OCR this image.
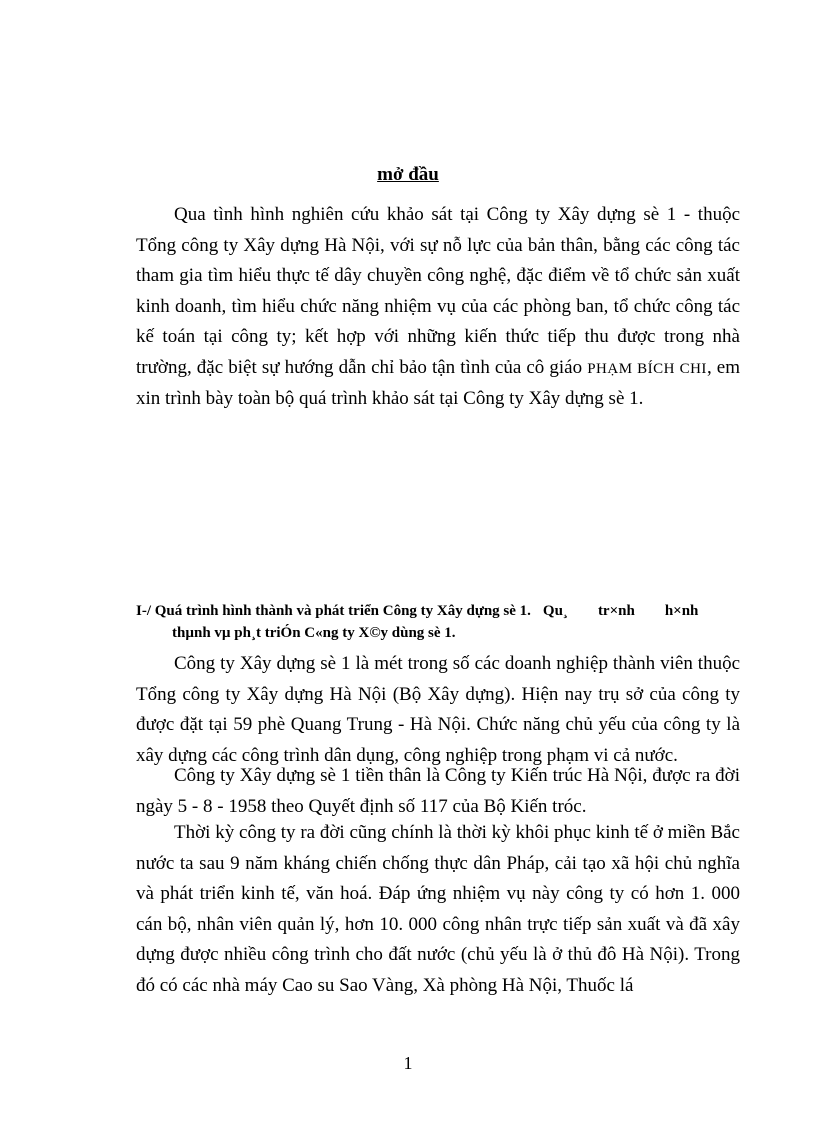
mở đầu

Qua tình hình nghiên cứu khảo sát tại Công ty Xây dựng sè 1 - thuộc Tổng công ty Xây dựng Hà Nội, với sự nỗ lực của bản thân, bằng các công tác tham gia tìm hiểu thực tế dây chuyền công nghệ, đặc điểm về tổ chức sản xuất kinh doanh, tìm hiểu chức năng nhiệm vụ của các phòng ban, tổ chức công tác kế toán tại công ty; kết hợp với những kiến thức tiếp thu được trong nhà trường, đặc biệt sự hướng dẫn chỉ bảo tận tình của cô giáo PHẠM BÍCH CHI, em xin trình bày toàn bộ quá trình khảo sát tại Công ty Xây dựng sè 1.

I-/ Quá trình hình thành và phát triển Công ty Xây dựng sè 1. Qu¸ tr×nh h×nh
thµnh vµ ph¸t triÓn C«ng ty X©y dùng sè 1.

Công ty Xây dựng sè 1 là mét trong số các doanh nghiệp thành viên thuộc Tổng công ty Xây dựng Hà Nội (Bộ Xây dựng). Hiện nay trụ sở của công ty được đặt tại 59 phè Quang Trung - Hà Nội. Chức năng chủ yếu của công ty là xây dựng các công trình dân dụng, công nghiệp trong phạm vi cả nước.

Công ty Xây dựng sè 1 tiền thân là Công ty Kiến trúc Hà Nội, được ra đời ngày 5 - 8 - 1958 theo Quyết định số 117 của Bộ Kiến tróc.

Thời kỳ công ty ra đời cũng chính là thời kỳ khôi phục kinh tế ở miền Bắc nước ta sau 9 năm kháng chiến chống thực dân Pháp, cải tạo xã hội chủ nghĩa và phát triển kinh tế, văn hoá. Đáp ứng nhiệm vụ này công ty có hơn 1. 000 cán bộ, nhân viên quản lý, hơn 10. 000 công nhân trực tiếp sản xuất và đã xây dựng được nhiều công trình cho đất nước (chủ yếu là ở thủ đô Hà Nội). Trong đó có các nhà máy Cao su Sao Vàng, Xà phòng Hà Nội, Thuốc lá

1
